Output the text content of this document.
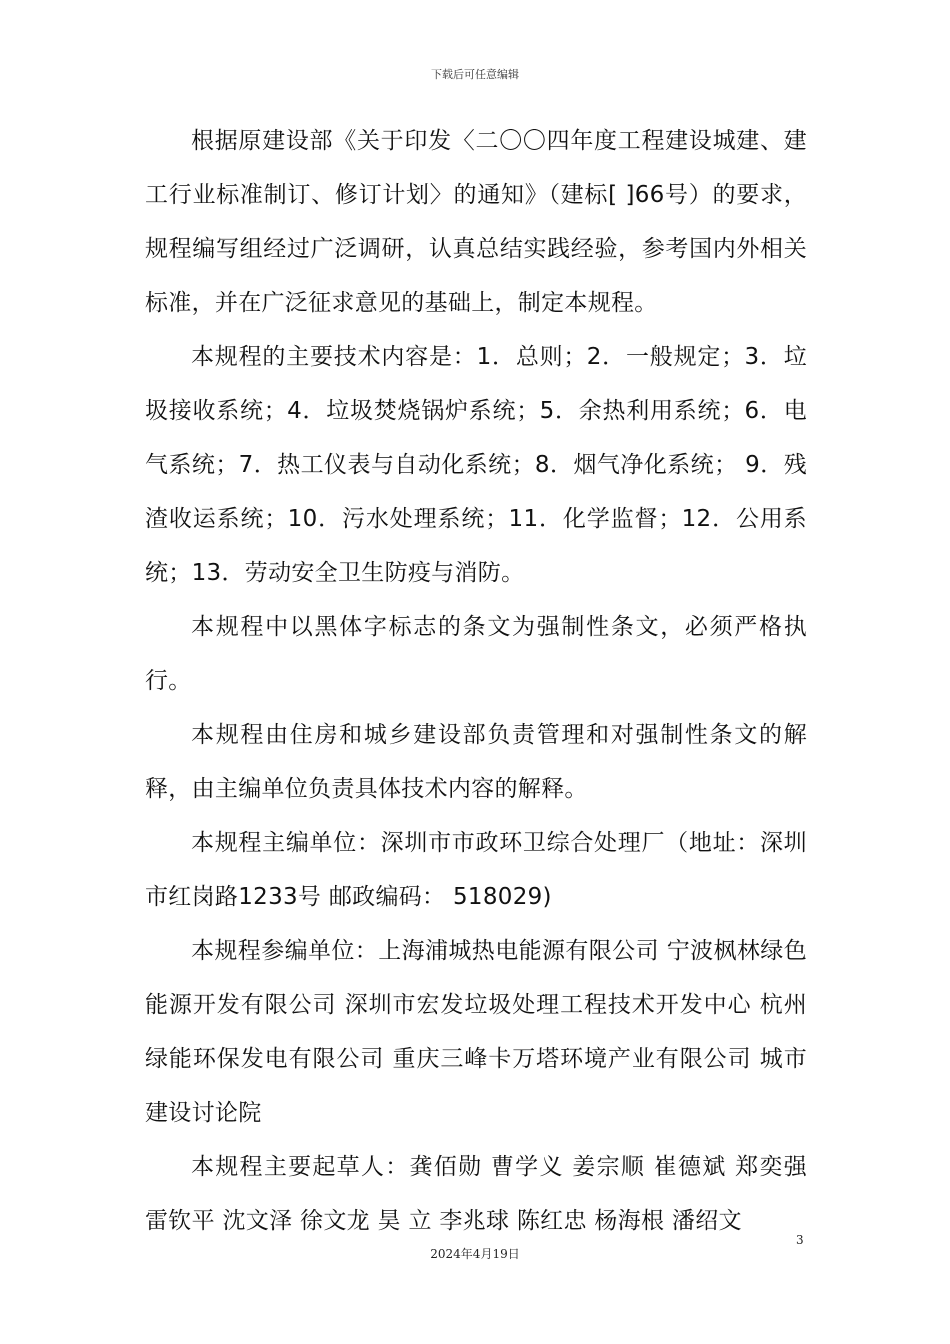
下载后可任意编辑

根据原建设部《关于印发〈二〇〇四年度工程建设城建、建工行业标准制订、修订计划〉的通知》（建标[ ]66号）的要求，规程编写组经过广泛调研，认真总结实践经验，参考国内外相关标准，并在广泛征求意见的基础上，制定本规程。

本规程的主要技术内容是：1．总则；2．一般规定；3．垃圾接收系统；4．垃圾焚烧锅炉系统；5．余热利用系统；6．电气系统；7．热工仪表与自动化系统；8．烟气净化系统； 9．残渣收运系统；10．污水处理系统；11．化学监督；12．公用系统；13．劳动安全卫生防疫与消防。

本规程中以黑体字标志的条文为强制性条文，必须严格执行。

本规程由住房和城乡建设部负责管理和对强制性条文的解释，由主编单位负责具体技术内容的解释。

本规程主编单位：深圳市市政环卫综合处理厂（地址：深圳市红岗路1233号 邮政编码： 518029)

本规程参编单位：上海浦城热电能源有限公司 宁波枫林绿色能源开发有限公司 深圳市宏发垃圾处理工程技术开发中心 杭州绿能环保发电有限公司 重庆三峰卡万塔环境产业有限公司 城市建设讨论院

本规程主要起草人：龚佰勋 曹学义 姜宗顺 崔德斌 郑奕强 雷钦平 沈文泽 徐文龙 昊 立 李兆球 陈红忠 杨海根 潘绍文

3
2024年4月19日
